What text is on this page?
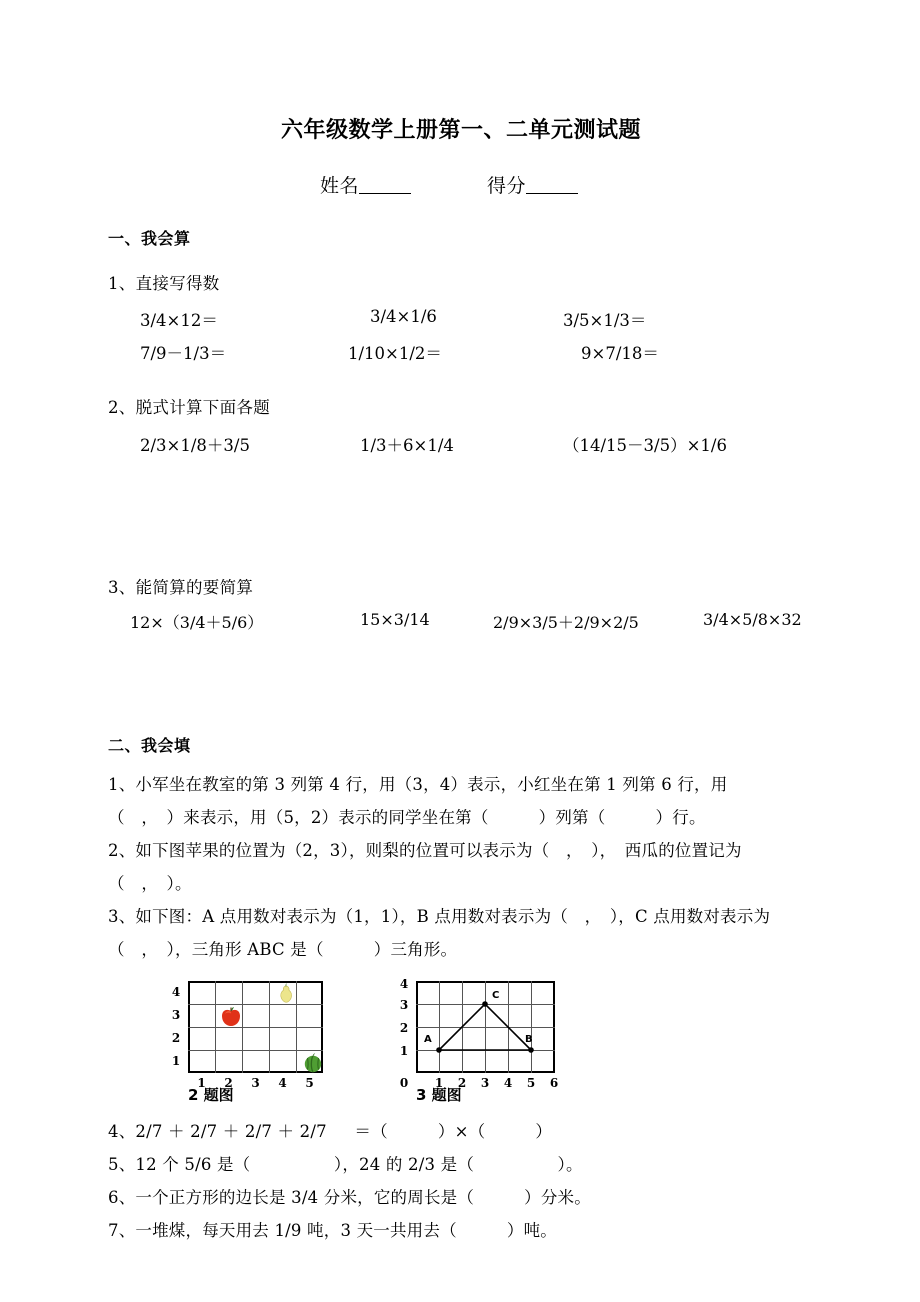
六年级数学上册第一、二单元测试题
姓名	得分
一、我会算
1、直接写得数
3/4×12＝	3/4×1/6	3/5×1/3＝
7/9－1/3＝	1/10×1/2＝	9×7/18＝
2、脱式计算下面各题
2/3×1/8＋3/5	1/3＋6×1/4	（14/15－3/5）×1/6
3、能简算的要简算
12×（3/4＋5/6）	15×3/14	2/9×3/5＋2/9×2/5	3/4×5/8×32
二、我会填
1、小军坐在教室的第 3 列第 4 行，用（3，4）表示，小红坐在第 1 列第 6 行，用
（　，　）来表示，用（5，2）表示的同学坐在第（　　　）列第（　　　）行。
2、如下图苹果的位置为（2，3），则梨的位置可以表示为（　，　），　西瓜的位置记为
（　，　）。
3、如下图：A 点用数对表示为（1，1），B 点用数对表示为（　，　），C 点用数对表示为
（　，　），三角形 ABC 是（　　　）三角形。
4
3
2
1
1	2	3	4	5
2 题图
4
3
2
1
0	1	2	3	4	5	6
A	B
C
3 题图
4、2/7 ＋ 2/7 ＋ 2/7 ＋ 2/7 　 ＝（　　　）×（　　　）
5、12 个 5/6 是（　　　　　），24 的 2/3 是（　　　　　）。
6、一个正方形的边长是 3/4 分米，它的周长是（　　　）分米。
7、一堆煤，每天用去 1/9 吨，3 天一共用去（　　　）吨。
